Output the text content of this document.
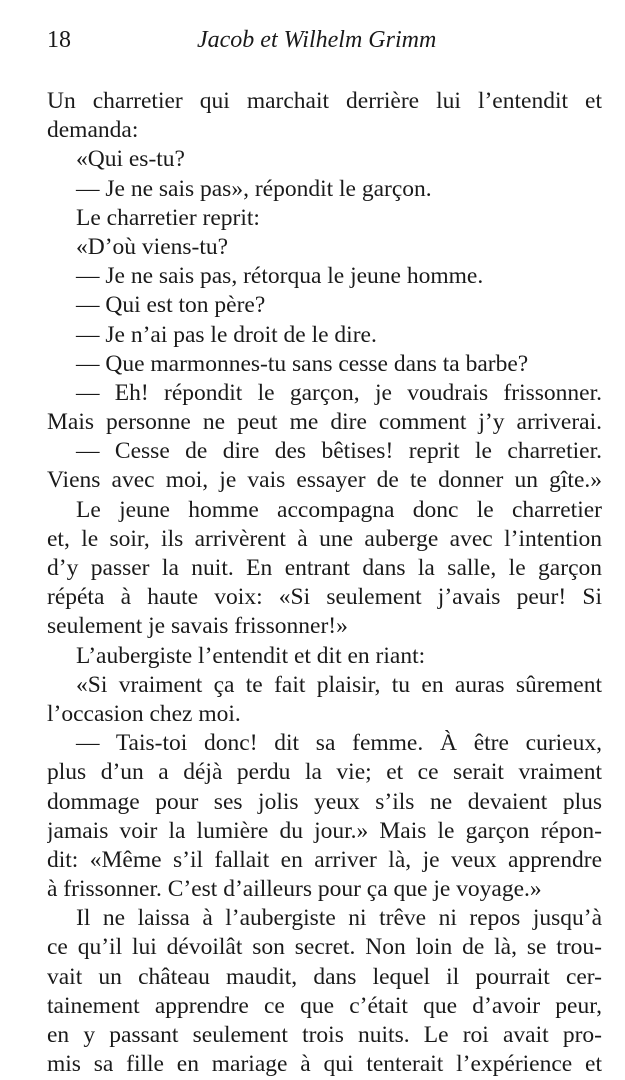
18	Jacob et Wilhelm Grimm
Un charretier qui marchait derrière lui l’entendit et
demanda:
«Qui es-tu?
— Je ne sais pas», répondit le garçon.
Le charretier reprit:
«D’où viens-tu?
— Je ne sais pas, rétorqua le jeune homme.
— Qui est ton père?
— Je n’ai pas le droit de le dire.
— Que marmonnes-tu sans cesse dans ta barbe?
— Eh! répondit le garçon, je voudrais frissonner.
Mais personne ne peut me dire comment j’y arriverai.
— Cesse de dire des bêtises! reprit le charretier.
Viens avec moi, je vais essayer de te donner un gîte.»
Le jeune homme accompagna donc le charretier
et, le soir, ils arrivèrent à une auberge avec l’intention
d’y passer la nuit. En entrant dans la salle, le garçon
répéta à haute voix: «Si seulement j’avais peur! Si
seulement je savais frissonner!»
L’aubergiste l’entendit et dit en riant:
«Si vraiment ça te fait plaisir, tu en auras sûrement
l’occasion chez moi.
— Tais-toi donc! dit sa femme. À être curieux,
plus d’un a déjà perdu la vie; et ce serait vraiment
dommage pour ses jolis yeux s’ils ne devaient plus
jamais voir la lumière du jour.» Mais le garçon répon-
dit: «Même s’il fallait en arriver là, je veux apprendre
à frissonner. C’est d’ailleurs pour ça que je voyage.»
Il ne laissa à l’aubergiste ni trêve ni repos jusqu’à
ce qu’il lui dévoilât son secret. Non loin de là, se trou-
vait un château maudit, dans lequel il pourrait cer-
tainement apprendre ce que c’était que d’avoir peur,
en y passant seulement trois nuits. Le roi avait pro-
mis sa fille en mariage à qui tenterait l’expérience et
